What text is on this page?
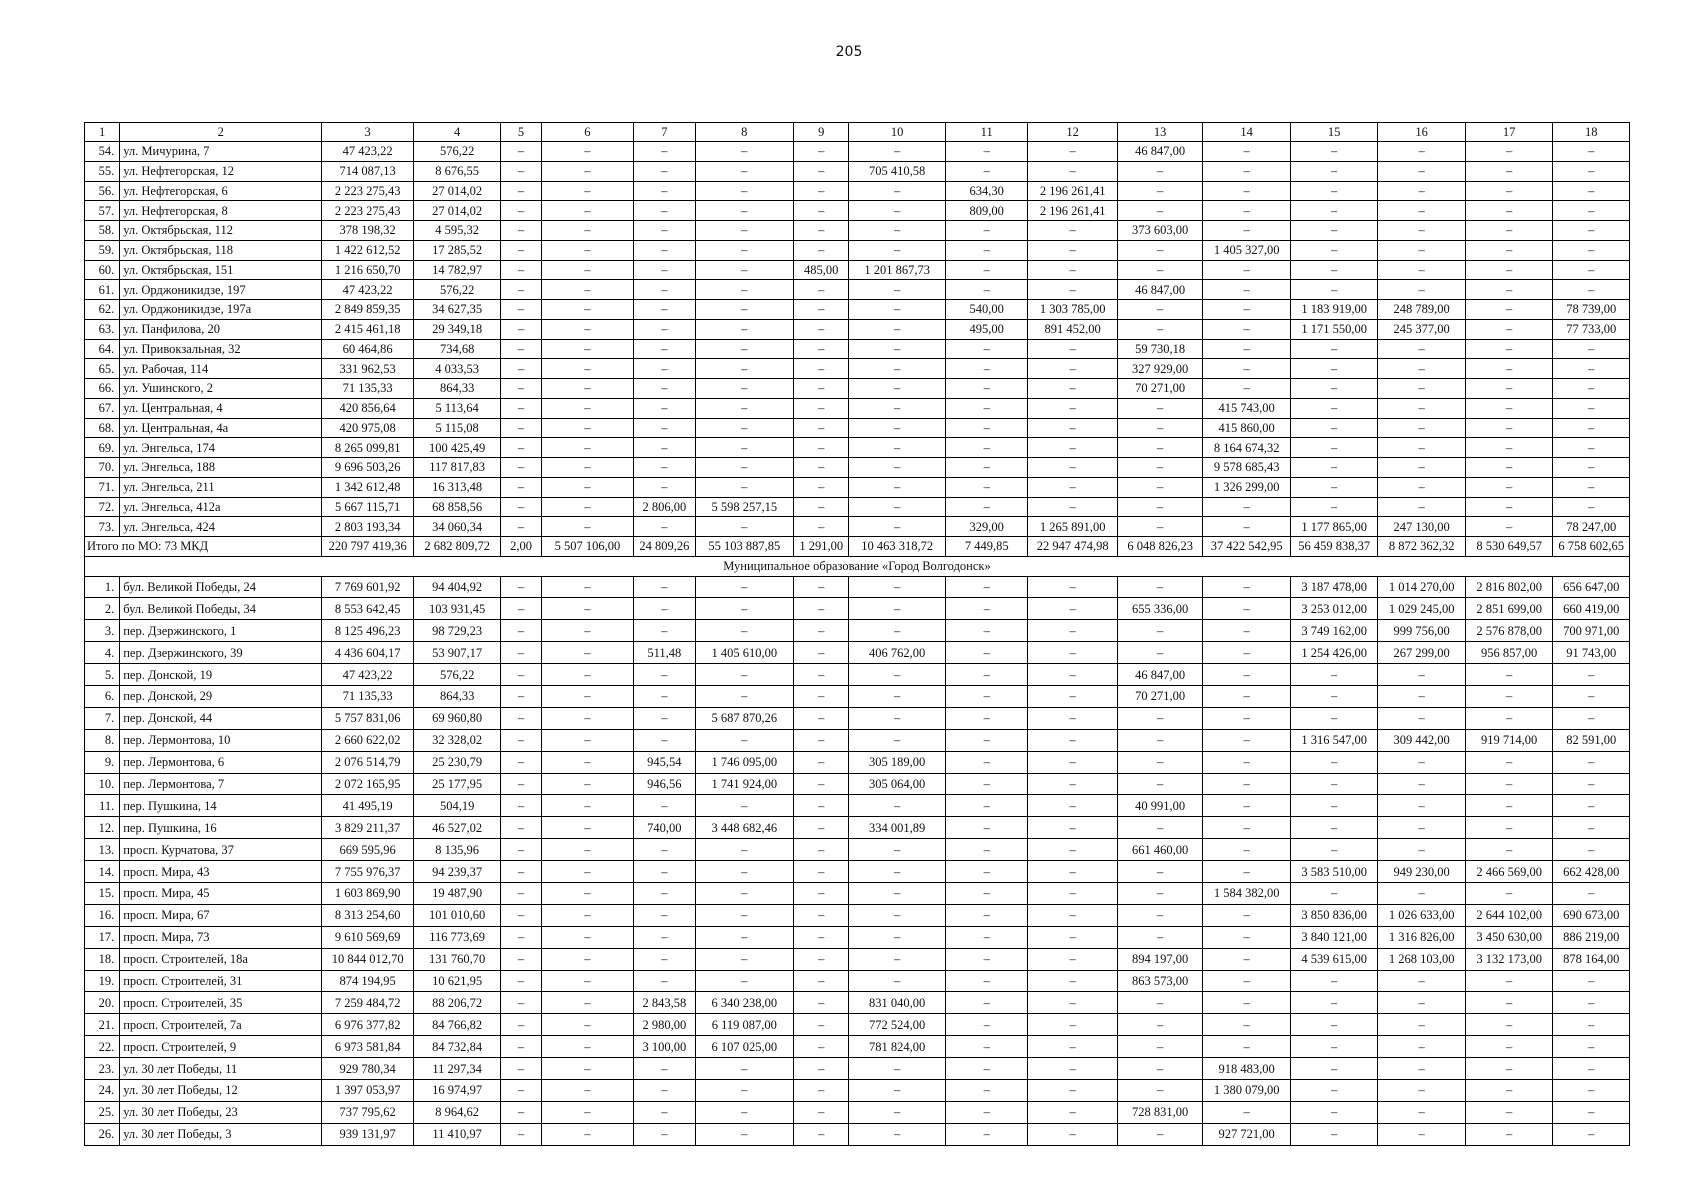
205
1	2	3	4	5	6	7	8	9	10	11	12	13	14	15	16	17	18
54.	ул. Мичурина, 7	47 423,22	576,22	–	–	–	–	–	–	–	–	46 847,00	–	–	–	–	–
55.	ул. Нефтегорская, 12	714 087,13	8 676,55	–	–	–	–	–	705 410,58	–	–	–	–	–	–	–	–
56.	ул. Нефтегорская, 6	2 223 275,43	27 014,02	–	–	–	–	–	–	634,30	2 196 261,41	–	–	–	–	–	–
57.	ул. Нефтегорская, 8	2 223 275,43	27 014,02	–	–	–	–	–	–	809,00	2 196 261,41	–	–	–	–	–	–
58.	ул. Октябрьская, 112	378 198,32	4 595,32	–	–	–	–	–	–	–	–	373 603,00	–	–	–	–	–
59.	ул. Октябрьская, 118	1 422 612,52	17 285,52	–	–	–	–	–	–	–	–	–	1 405 327,00	–	–	–	–
60.	ул. Октябрьская, 151	1 216 650,70	14 782,97	–	–	–	–	485,00	1 201 867,73	–	–	–	–	–	–	–	–
61.	ул. Орджоникидзе, 197	47 423,22	576,22	–	–	–	–	–	–	–	–	46 847,00	–	–	–	–	–
62.	ул. Орджоникидзе, 197а	2 849 859,35	34 627,35	–	–	–	–	–	–	540,00	1 303 785,00	–	–	1 183 919,00	248 789,00	–	78 739,00
63.	ул. Панфилова, 20	2 415 461,18	29 349,18	–	–	–	–	–	–	495,00	891 452,00	–	–	1 171 550,00	245 377,00	–	77 733,00
64.	ул. Привокзальная, 32	60 464,86	734,68	–	–	–	–	–	–	–	–	59 730,18	–	–	–	–	–
65.	ул. Рабочая, 114	331 962,53	4 033,53	–	–	–	–	–	–	–	–	327 929,00	–	–	–	–	–
66.	ул. Ушинского, 2	71 135,33	864,33	–	–	–	–	–	–	–	–	70 271,00	–	–	–	–	–
67.	ул. Центральная, 4	420 856,64	5 113,64	–	–	–	–	–	–	–	–	–	415 743,00	–	–	–	–
68.	ул. Центральная, 4а	420 975,08	5 115,08	–	–	–	–	–	–	–	–	–	415 860,00	–	–	–	–
69.	ул. Энгельса, 174	8 265 099,81	100 425,49	–	–	–	–	–	–	–	–	–	8 164 674,32	–	–	–	–
70.	ул. Энгельса, 188	9 696 503,26	117 817,83	–	–	–	–	–	–	–	–	–	9 578 685,43	–	–	–	–
71.	ул. Энгельса, 211	1 342 612,48	16 313,48	–	–	–	–	–	–	–	–	–	1 326 299,00	–	–	–	–
72.	ул. Энгельса, 412а	5 667 115,71	68 858,56	–	–	2 806,00	5 598 257,15	–	–	–	–	–	–	–	–	–	–
73.	ул. Энгельса, 424	2 803 193,34	34 060,34	–	–	–	–	–	–	329,00	1 265 891,00	–	–	1 177 865,00	247 130,00	–	78 247,00
Итого по МО: 73 МКД		220 797 419,36	2 682 809,72	2,00	5 507 106,00	24 809,26	55 103 887,85	1 291,00	10 463 318,72	7 449,85	22 947 474,98	6 048 826,23	37 422 542,95	56 459 838,37	8 872 362,32	8 530 649,57	6 758 602,65
Муниципальное образование «Город Волгодонск»																	
1.	бул. Великой Победы, 24	7 769 601,92	94 404,92	–	–	–	–	–	–	–	–	–	–	3 187 478,00	1 014 270,00	2 816 802,00	656 647,00
2.	бул. Великой Победы, 34	8 553 642,45	103 931,45	–	–	–	–	–	–	–	–	655 336,00	–	3 253 012,00	1 029 245,00	2 851 699,00	660 419,00
3.	пер. Дзержинского, 1	8 125 496,23	98 729,23	–	–	–	–	–	–	–	–	–	–	3 749 162,00	999 756,00	2 576 878,00	700 971,00
4.	пер. Дзержинского, 39	4 436 604,17	53 907,17	–	–	511,48	1 405 610,00	–	406 762,00	–	–	–	–	1 254 426,00	267 299,00	956 857,00	91 743,00
5.	пер. Донской, 19	47 423,22	576,22	–	–	–	–	–	–	–	–	46 847,00	–	–	–	–	–
6.	пер. Донской, 29	71 135,33	864,33	–	–	–	–	–	–	–	–	70 271,00	–	–	–	–	–
7.	пер. Донской, 44	5 757 831,06	69 960,80	–	–	–	5 687 870,26	–	–	–	–	–	–	–	–	–	–
8.	пер. Лермонтова, 10	2 660 622,02	32 328,02	–	–	–	–	–	–	–	–	–	–	1 316 547,00	309 442,00	919 714,00	82 591,00
9.	пер. Лермонтова, 6	2 076 514,79	25 230,79	–	–	945,54	1 746 095,00	–	305 189,00	–	–	–	–	–	–	–	–
10.	пер. Лермонтова, 7	2 072 165,95	25 177,95	–	–	946,56	1 741 924,00	–	305 064,00	–	–	–	–	–	–	–	–
11.	пер. Пушкина, 14	41 495,19	504,19	–	–	–	–	–	–	–	–	40 991,00	–	–	–	–	–
12.	пер. Пушкина, 16	3 829 211,37	46 527,02	–	–	740,00	3 448 682,46	–	334 001,89	–	–	–	–	–	–	–	–
13.	просп. Курчатова, 37	669 595,96	8 135,96	–	–	–	–	–	–	–	–	661 460,00	–	–	–	–	–
14.	просп. Мира, 43	7 755 976,37	94 239,37	–	–	–	–	–	–	–	–	–	–	3 583 510,00	949 230,00	2 466 569,00	662 428,00
15.	просп. Мира, 45	1 603 869,90	19 487,90	–	–	–	–	–	–	–	–	–	1 584 382,00	–	–	–	–
16.	просп. Мира, 67	8 313 254,60	101 010,60	–	–	–	–	–	–	–	–	–	–	3 850 836,00	1 026 633,00	2 644 102,00	690 673,00
17.	просп. Мира, 73	9 610 569,69	116 773,69	–	–	–	–	–	–	–	–	–	–	3 840 121,00	1 316 826,00	3 450 630,00	886 219,00
18.	просп. Строителей, 18а	10 844 012,70	131 760,70	–	–	–	–	–	–	–	–	894 197,00	–	4 539 615,00	1 268 103,00	3 132 173,00	878 164,00
19.	просп. Строителей, 31	874 194,95	10 621,95	–	–	–	–	–	–	–	–	863 573,00	–	–	–	–	–
20.	просп. Строителей, 35	7 259 484,72	88 206,72	–	–	2 843,58	6 340 238,00	–	831 040,00	–	–	–	–	–	–	–	–
21.	просп. Строителей, 7а	6 976 377,82	84 766,82	–	–	2 980,00	6 119 087,00	–	772 524,00	–	–	–	–	–	–	–	–
22.	просп. Строителей, 9	6 973 581,84	84 732,84	–	–	3 100,00	6 107 025,00	–	781 824,00	–	–	–	–	–	–	–	–
23.	ул. 30 лет Победы, 11	929 780,34	11 297,34	–	–	–	–	–	–	–	–	–	918 483,00	–	–	–	–
24.	ул. 30 лет Победы, 12	1 397 053,97	16 974,97	–	–	–	–	–	–	–	–	–	1 380 079,00	–	–	–	–
25.	ул. 30 лет Победы, 23	737 795,62	8 964,62	–	–	–	–	–	–	–	–	728 831,00	–	–	–	–	–
26.	ул. 30 лет Победы, 3	939 131,97	11 410,97	–	–	–	–	–	–	–	–	–	927 721,00	–	–	–	–
